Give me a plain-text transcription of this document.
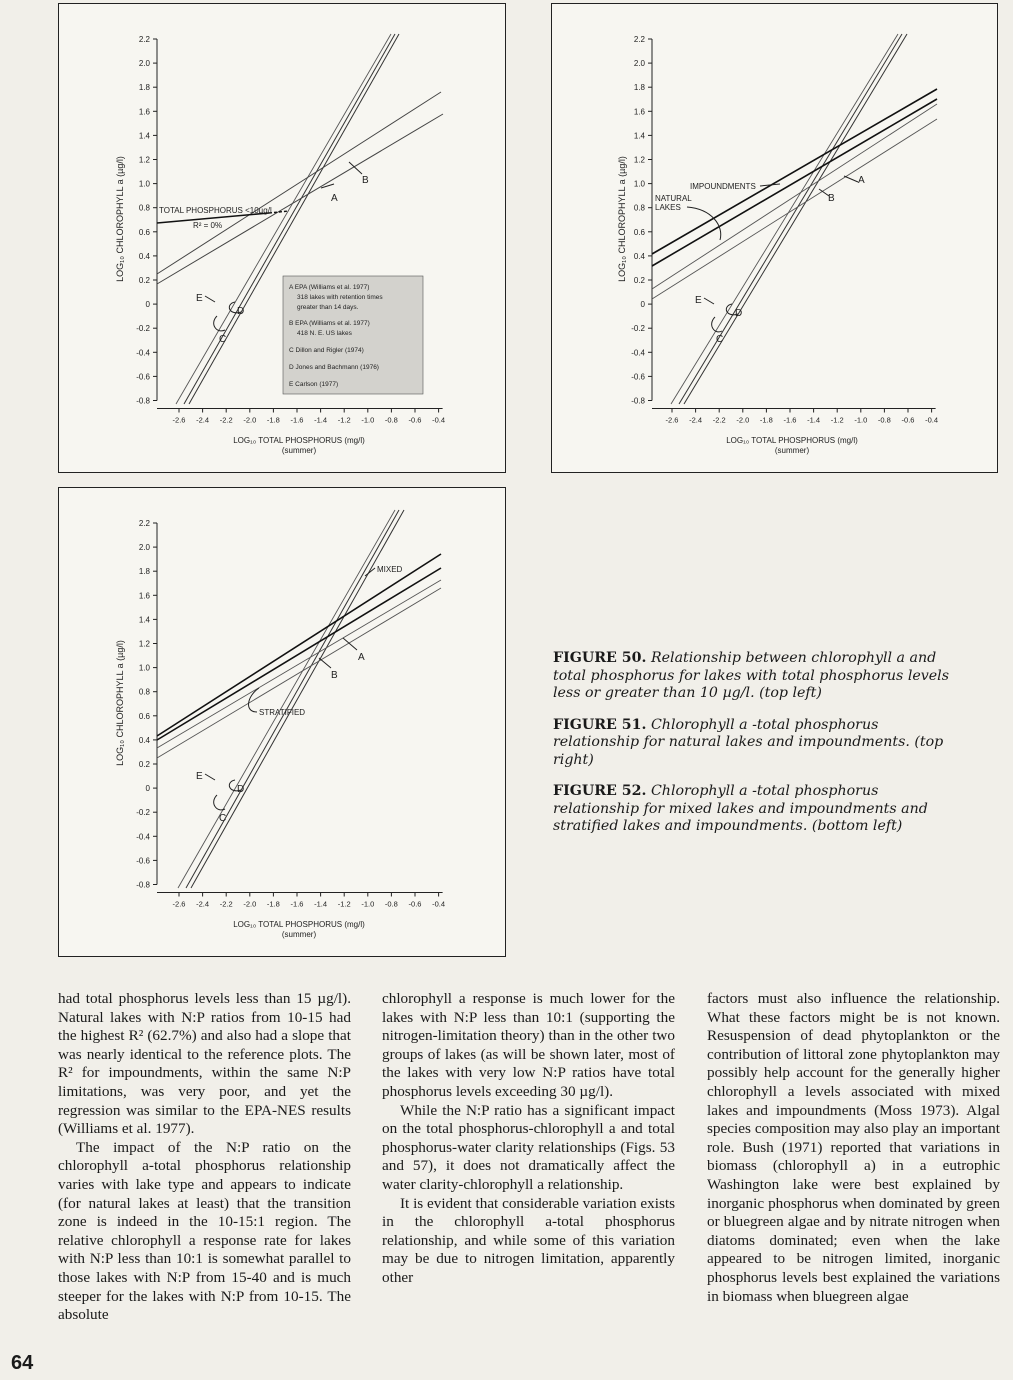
2.2
2.0
1.8
1.6
1.4
1.2
1.0
0.8
0.6
0.4
0.2
0
-0.2
-0.4
-0.6
-0.8
-2.6 -2.4 -2.2 -2.0 -1.8 -1.6 -1.4 -1.2 -1.0 -0.8 -0.6 -0.4
LOG₁₀ CHLOROPHYLL a (µg/l)
LOG₁₀ TOTAL PHOSPHORUS (mg/l)
(summer)
TOTAL PHOSPHORUS <10µg/l
R² = 0%
A
B
E
D
C
A EPA (Williams et al. 1977)
318 lakes with retention times
greater than 14 days.
B EPA (Williams et al. 1977)
418 N. E. US lakes
C Dillon and Rigler (1974)
D Jones and Bachmann (1976)
E Carlson (1977)
2.2
2.0
1.8
1.6
1.4
1.2
1.0
0.8
0.6
0.4
0.2
0
-0.2
-0.4
-0.6
-0.8
-2.6 -2.4 -2.2 -2.0 -1.8 -1.6 -1.4 -1.2 -1.0 -0.8 -0.6 -0.4
LOG₁₀ CHLOROPHYLL a (µg/l)
LOG₁₀ TOTAL PHOSPHORUS (mg/l)
(summer)
IMPOUNDMENTS
NATURAL
LAKES
A
B
E
D
C
2.2
2.0
1.8
1.6
1.4
1.2
1.0
0.8
0.6
0.4
0.2
0
-0.2
-0.4
-0.6
-0.8
-2.6 -2.4 -2.2 -2.0 -1.8 -1.6 -1.4 -1.2 -1.0 -0.8 -0.6 -0.4
LOG₁₀ CHLOROPHYLL a (µg/l)
LOG₁₀ TOTAL PHOSPHORUS (mg/l)
(summer)
MIXED
STRATIFIED
A
B
E
D
C

FIGURE 50. Relationship between chlorophyll a and total phosphorus for lakes with total phosphorus levels less or greater than 10 µg/l. (top left)

FIGURE 51. Chlorophyll a -total phosphorus relationship for natural lakes and impoundments. (top right)

FIGURE 52. Chlorophyll a -total phosphorus relationship for mixed lakes and impoundments and stratified lakes and impoundments. (bottom left)

had total phosphorus levels less than 15 µg/l). Natural lakes with N:P ratios from 10-15 had the highest R² (62.7%) and also had a slope that was nearly identical to the reference plots. The R² for impoundments, within the same N:P limitations, was very poor, and yet the regression was similar to the EPA-NES results (Williams et al. 1977).

The impact of the N:P ratio on the chlorophyll a-total phosphorus relationship varies with lake type and appears to indicate (for natural lakes at least) that the transition zone is indeed in the 10-15:1 region. The relative chlorophyll a response rate for lakes with N:P less than 10:1 is somewhat parallel to those lakes with N:P from 15-40 and is much steeper for the lakes with N:P from 10-15. The absolute

chlorophyll a response is much lower for the lakes with N:P less than 10:1 (supporting the nitrogen-limitation theory) than in the other two groups of lakes (as will be shown later, most of the lakes with very low N:P ratios have total phosphorus levels exceeding 30 µg/l).

While the N:P ratio has a significant impact on the total phosphorus-chlorophyll a and total phosphorus-water clarity relationships (Figs. 53 and 57), it does not dramatically affect the water clarity-chlorophyll a relationship.

It is evident that considerable variation exists in the chlorophyll a-total phosphorus relationship, and while some of this variation may be due to nitrogen limitation, apparently other

factors must also influence the relationship. What these factors might be is not known. Resuspension of dead phytoplankton or the contribution of littoral zone phytoplankton may possibly help account for the generally higher chlorophyll a levels associated with mixed lakes and impoundments (Moss 1973). Algal species composition may also play an important role. Bush (1971) reported that variations in biomass (chlorophyll a) in a eutrophic Washington lake were best explained by inorganic phosphorus when dominated by green or bluegreen algae and by nitrate nitrogen when diatoms dominated; even when the lake appeared to be nitrogen limited, inorganic phosphorus levels best explained the variations in biomass when bluegreen algae

64
